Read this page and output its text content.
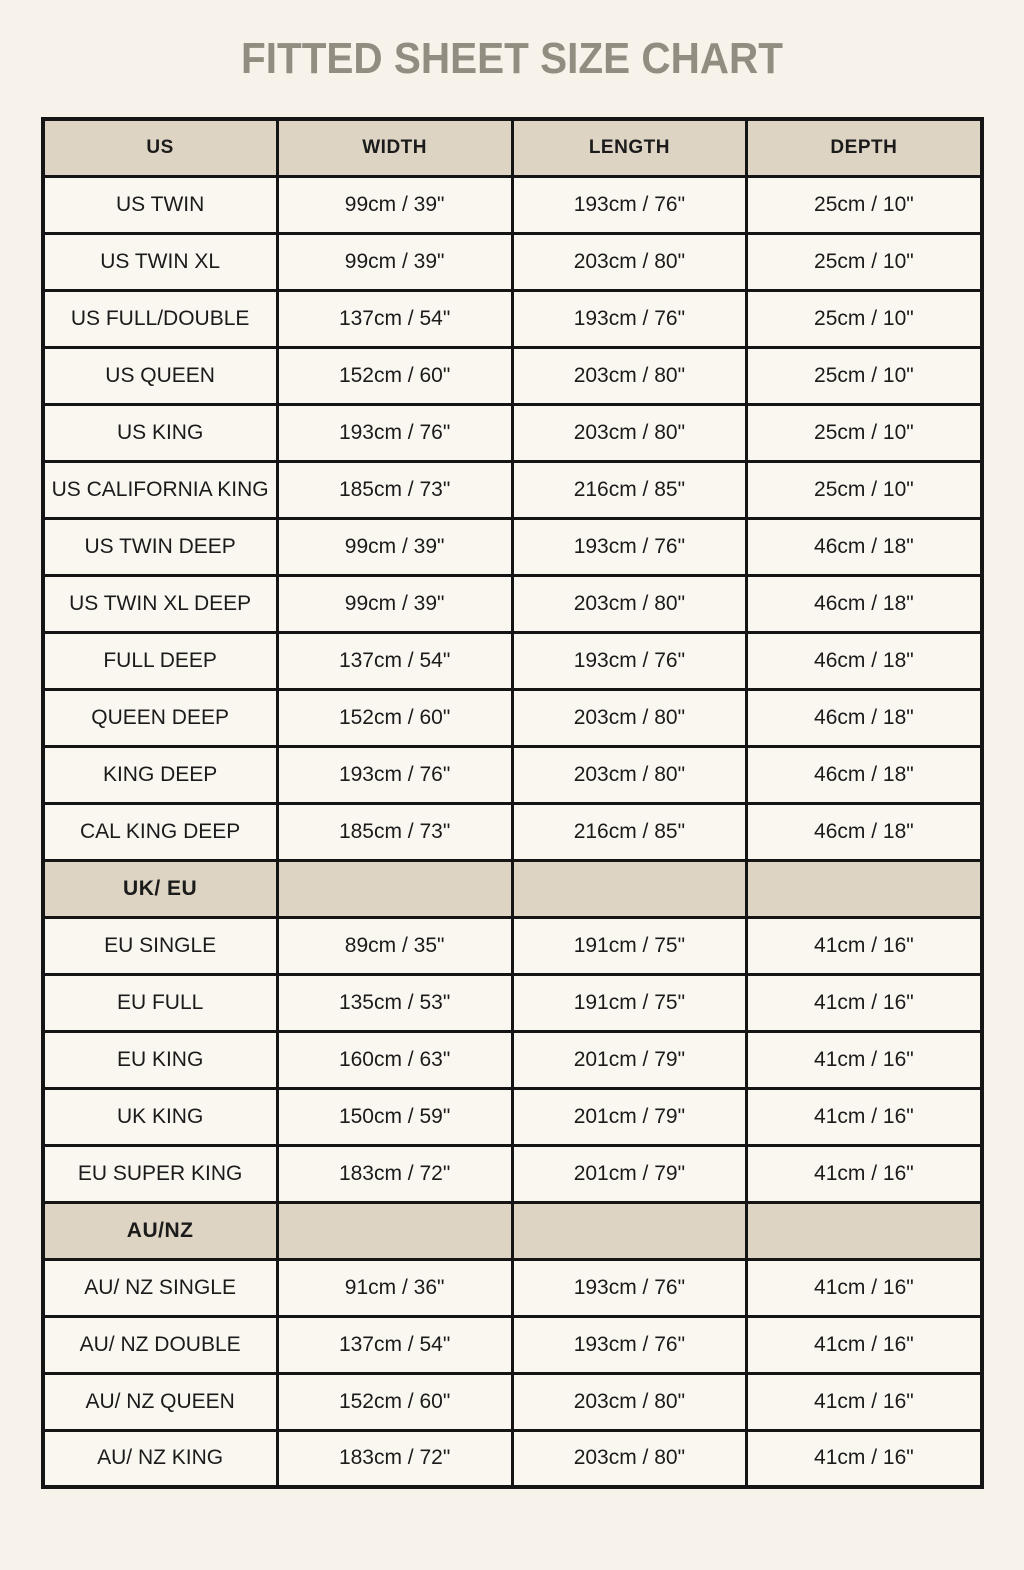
FITTED SHEET SIZE CHART
US	WIDTH	LENGTH	DEPTH
US TWIN	99cm / 39"	193cm / 76"	25cm / 10"
US TWIN XL	99cm / 39"	203cm / 80"	25cm / 10"
US FULL/DOUBLE	137cm / 54"	193cm / 76"	25cm / 10"
US QUEEN	152cm / 60"	203cm / 80"	25cm / 10"
US KING	193cm / 76"	203cm / 80"	25cm / 10"
US CALIFORNIA KING	185cm / 73"	216cm / 85"	25cm / 10"
US TWIN DEEP	99cm / 39"	193cm / 76"	46cm / 18"
US TWIN XL DEEP	99cm / 39"	203cm / 80"	46cm / 18"
FULL DEEP	137cm / 54"	193cm / 76"	46cm / 18"
QUEEN DEEP	152cm / 60"	203cm / 80"	46cm / 18"
KING DEEP	193cm / 76"	203cm / 80"	46cm / 18"
CAL KING DEEP	185cm / 73"	216cm / 85"	46cm / 18"
UK/ EU			
EU SINGLE	89cm / 35"	191cm / 75"	41cm / 16"
EU FULL	135cm / 53"	191cm / 75"	41cm / 16"
EU KING	160cm / 63"	201cm / 79"	41cm / 16"
UK KING	150cm / 59"	201cm / 79"	41cm / 16"
EU SUPER KING	183cm / 72"	201cm / 79"	41cm / 16"
AU/NZ			
AU/ NZ SINGLE	91cm / 36"	193cm / 76"	41cm / 16"
AU/ NZ DOUBLE	137cm / 54"	193cm / 76"	41cm / 16"
AU/ NZ QUEEN	152cm / 60"	203cm / 80"	41cm / 16"
AU/ NZ KING	183cm / 72"	203cm / 80"	41cm / 16"
